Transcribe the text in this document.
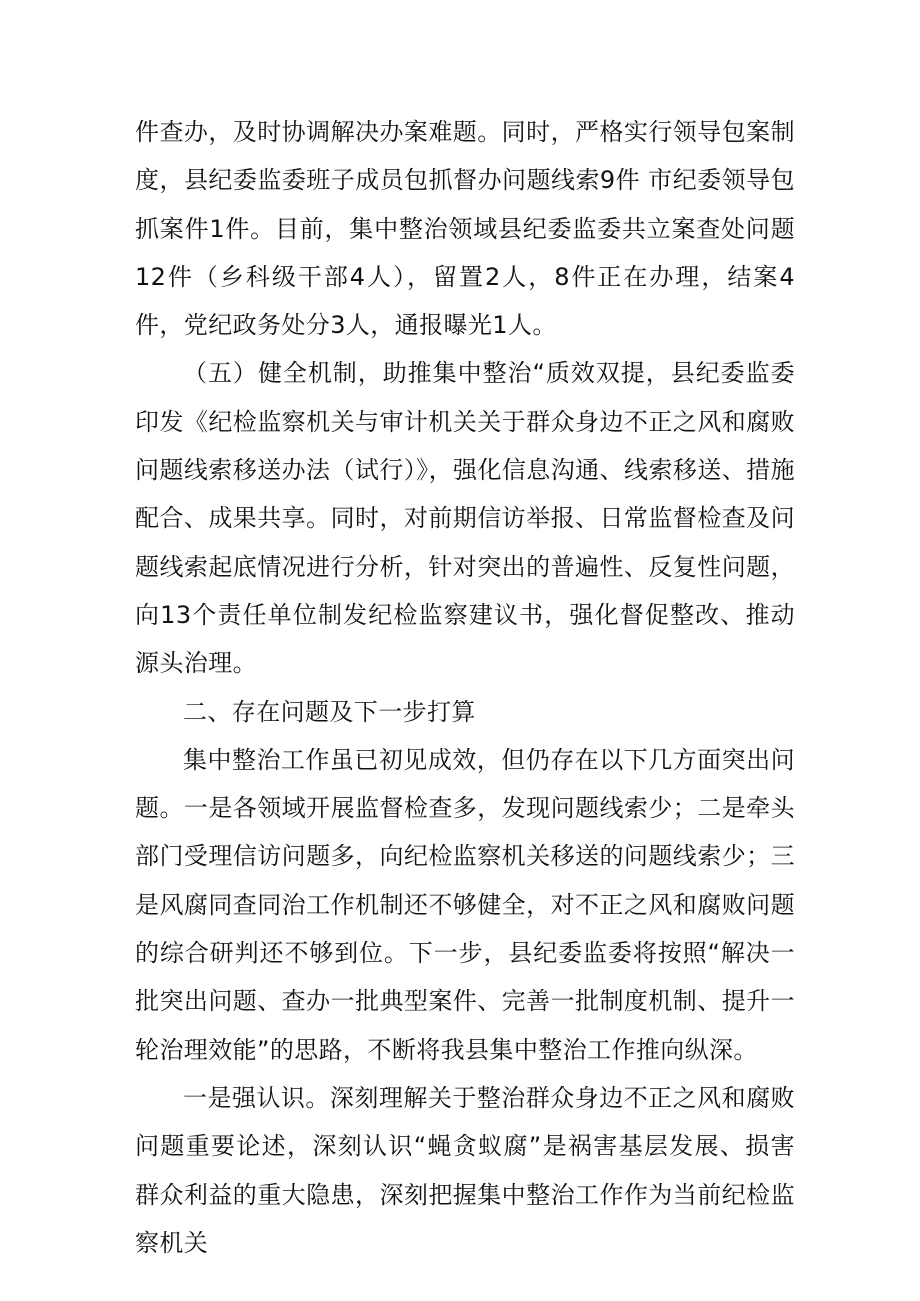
件查办，及时协调解决办案难题。同时，严格实行领导包案制度，县纪委监委班子成员包抓督办问题线索9件 市纪委领导包抓案件1件。目前，集中整治领域县纪委监委共立案查处问题12件（乡科级干部4人），留置2人，8件正在办理，结案4件，党纪政务处分3人，通报曝光1人。

（五）健全机制，助推集中整治“质效双提，县纪委监委印发《纪检监察机关与审计机关关于群众身边不正之风和腐败问题线索移送办法（试行）》，强化信息沟通、线索移送、措施配合、成果共享。同时，对前期信访举报、日常监督检查及问题线索起底情况进行分析，针对突出的普遍性、反复性问题，向13个责任单位制发纪检监察建议书，强化督促整改、推动源头治理。

二、存在问题及下一步打算

集中整治工作虽已初见成效，但仍存在以下几方面突出问题。一是各领域开展监督检查多，发现问题线索少；二是牵头部门受理信访问题多，向纪检监察机关移送的问题线索少；三是风腐同查同治工作机制还不够健全，对不正之风和腐败问题的综合研判还不够到位。下一步，县纪委监委将按照“解决一批突出问题、查办一批典型案件、完善一批制度机制、提升一轮治理效能”的思路，不断将我县集中整治工作推向纵深。

一是强认识。深刻理解关于整治群众身边不正之风和腐败问题重要论述，深刻认识“蝇贪蚁腐”是祸害基层发展、损害群众利益的重大隐患，深刻把握集中整治工作作为当前纪检监察机关
